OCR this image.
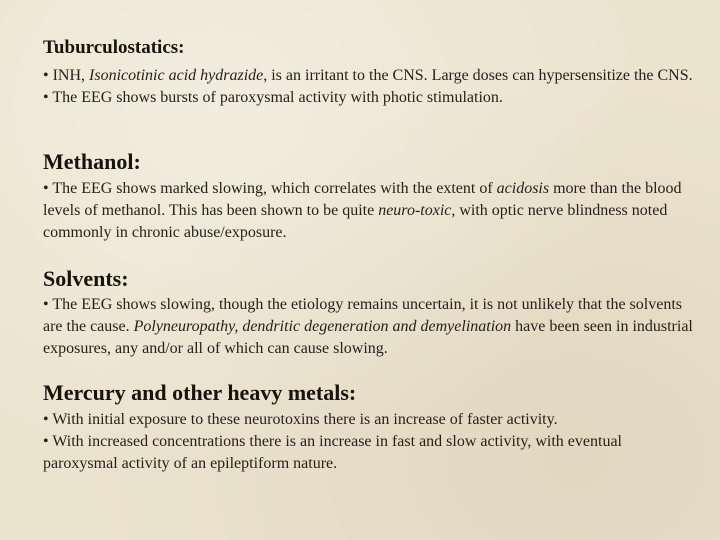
Tuburculostatics:

• INH, Isonicotinic acid hydrazide, is an irritant to the CNS. Large doses can hypersensitize the CNS.

• The EEG shows bursts of paroxysmal activity with photic stimulation.

Methanol:

• The EEG shows marked slowing, which correlates with the extent of acidosis more than the blood levels of methanol. This has been shown to be quite neuro-toxic, with optic nerve blindness noted commonly in chronic abuse/exposure.

Solvents:

• The EEG shows slowing, though the etiology remains uncertain, it is not unlikely that the solvents are the cause. Polyneuropathy, dendritic degeneration and demyelination have been seen in industrial exposures, any and/or all of which can cause slowing.

Mercury and other heavy metals:

• With initial exposure to these neurotoxins there is an increase of faster activity.

• With increased concentrations there is an increase in fast and slow activity, with eventual paroxysmal activity of an epileptiform nature.
